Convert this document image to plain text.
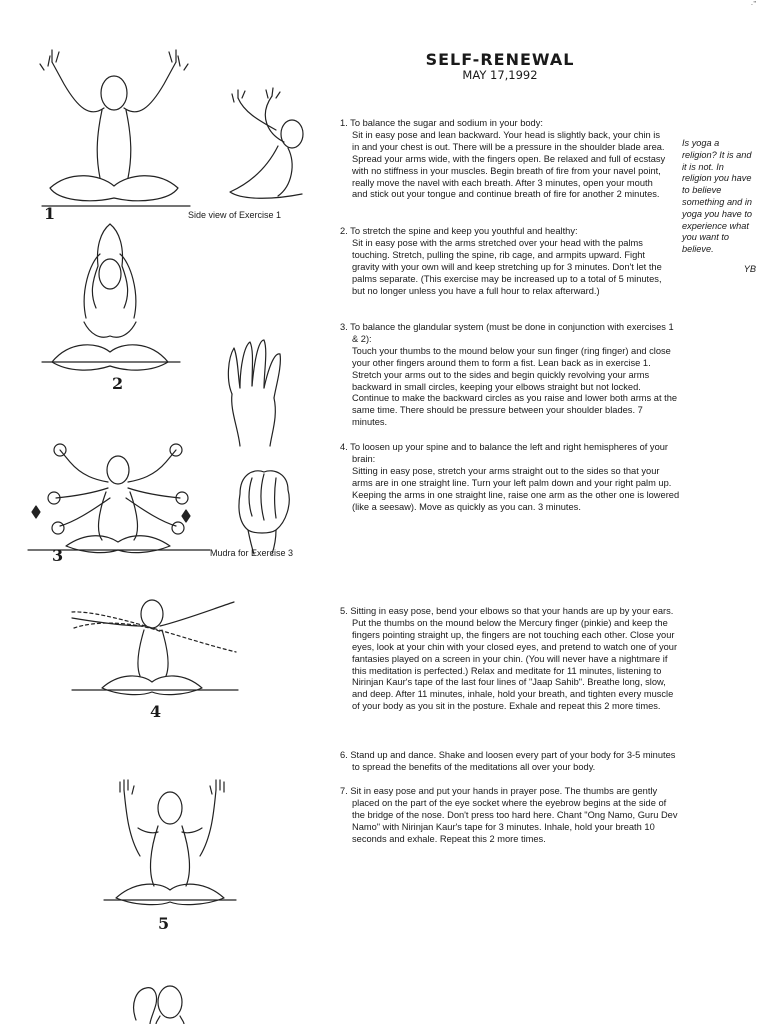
·”
SELF-RENEWAL
MAY 17,1992
1. To balance the sugar and sodium in your body:
Sit in easy pose and lean backward. Your head is slightly back, your chin is in and your chest is out. There will be a pressure in the shoulder blade area. Spread your arms wide, with the fingers open. Be relaxed and full of ecstasy with no stiffness in your muscles. Begin breath of fire from your navel point, really move the navel with each breath. After 3 minutes, open your mouth and stick out your tongue and continue breath of fire for another 2 minutes.
2. To stretch the spine and keep you youthful and healthy:
Sit in easy pose with the arms stretched over your head with the palms touching. Stretch, pulling the spine, rib cage, and armpits upward. Fight gravity with your own will and keep stretching up for 3 minutes. Don't let the palms separate. (This exercise may be increased up to a total of 5 minutes, but no longer unless you have a full hour to relax afterward.)
3. To balance the glandular system (must be done in conjunction with exercises 1 & 2):
Touch your thumbs to the mound below your sun finger (ring finger) and close your other fingers around them to form a fist. Lean back as in exercise 1. Stretch your arms out to the sides and begin quickly revolving your arms backward in small circles, keeping your elbows straight but not locked. Continue to make the backward circles as you raise and lower both arms at the same time. There should be pressure between your shoulder blades. 7 minutes.
4. To loosen up your spine and to balance the left and right hemispheres of your brain:
Sitting in easy pose, stretch your arms straight out to the sides so that your arms are in one straight line. Turn your left palm down and your right palm up. Keeping the arms in one straight line, raise one arm as the other one is lowered (like a seesaw). Move as quickly as you can. 3 minutes.
5. Sitting in easy pose, bend your elbows so that your hands are up by your ears. Put the thumbs on the mound below the Mercury finger (pinkie) and keep the fingers pointing straight up, the fingers are not touching each other. Close your eyes, look at your chin with your closed eyes, and pretend to watch one of your fantasies played on a screen in your chin. (You will never have a nightmare if this meditation is perfected.) Relax and meditate for 11 minutes, listening to Nirinjan Kaur's tape of the last four lines of "Jaap Sahib". Breathe long, slow, and deep. After 11 minutes, inhale, hold your breath, and tighten every muscle of your body as you sit in the posture. Exhale and repeat this 2 more times.
6. Stand up and dance. Shake and loosen every part of your body for 3-5 minutes to spread the benefits of the meditations all over your body.
7. Sit in easy pose and put your hands in prayer pose. The thumbs are gently placed on the part of the eye socket where the eyebrow begins at the side of the bridge of the nose. Don't press too hard here. Chant "Ong Namo, Guru Dev Namo" with Nirinjan Kaur's tape for 3 minutes. Inhale, hold your breath 10 seconds and exhale. Repeat this 2 more times.
Is yoga a religion? It is and it is not. In religion you have to believe something and in yoga you have to experience what you want to believe.
YB
1	Side view of Exercise 1
2
Mudra for Exercise 3
3
4
5
